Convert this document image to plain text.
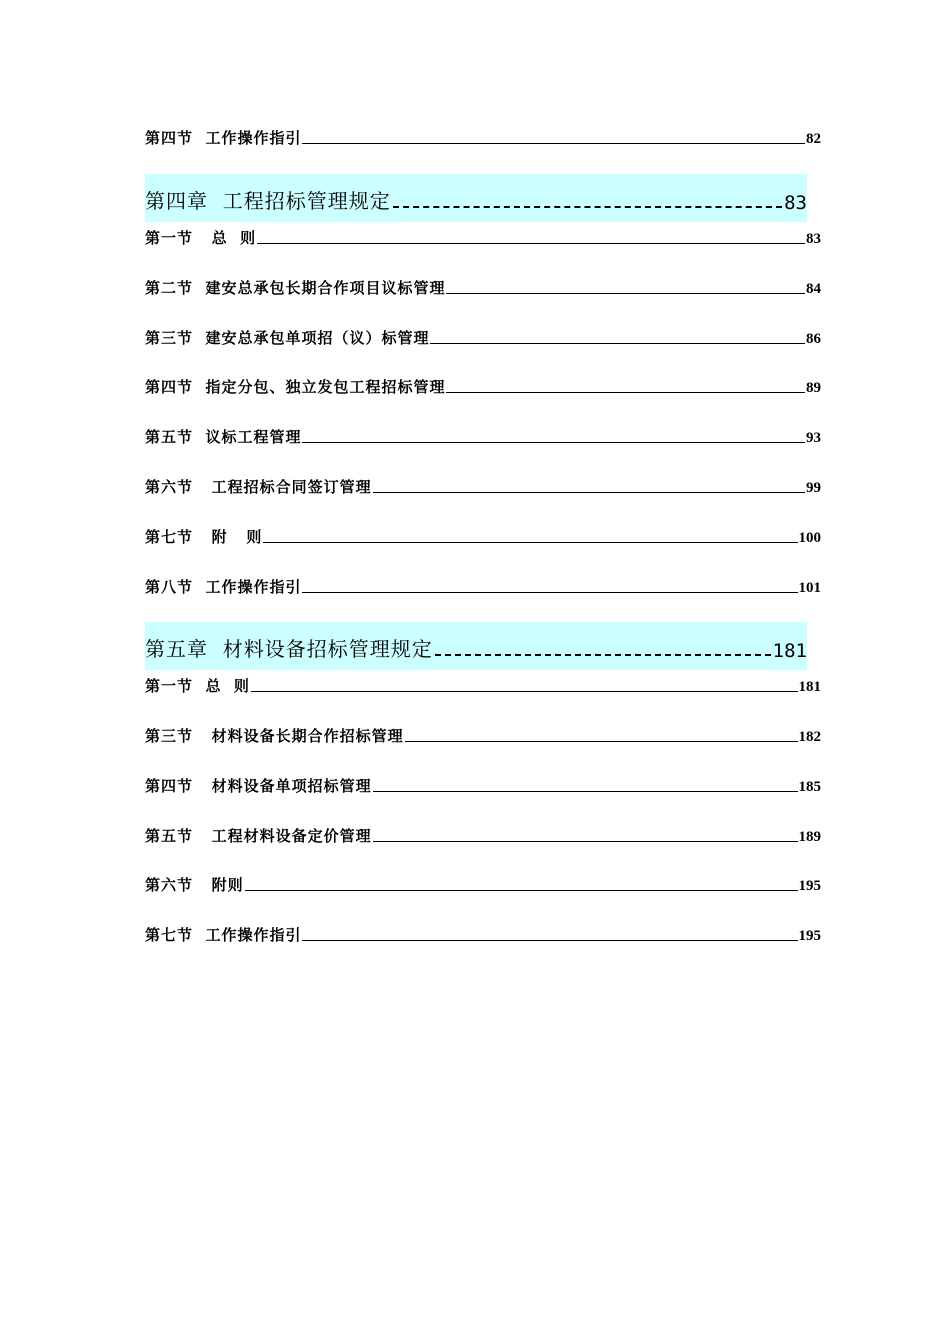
第四节  工作操作指引	82
第四章  工程招标管理规定	83
第一节   总  则	83
第二节  建安总承包长期合作项目议标管理	84
第三节  建安总承包单项招（议）标管理	86
第四节  指定分包、独立发包工程招标管理	89
第五节  议标工程管理	93
第六节   工程招标合同签订管理	99
第七节   附   则	100
第八节  工作操作指引	101
第五章  材料设备招标管理规定	181
第一节  总  则	181
第三节   材料设备长期合作招标管理	182
第四节   材料设备单项招标管理	185
第五节   工程材料设备定价管理	189
第六节   附则	195
第七节  工作操作指引	195
